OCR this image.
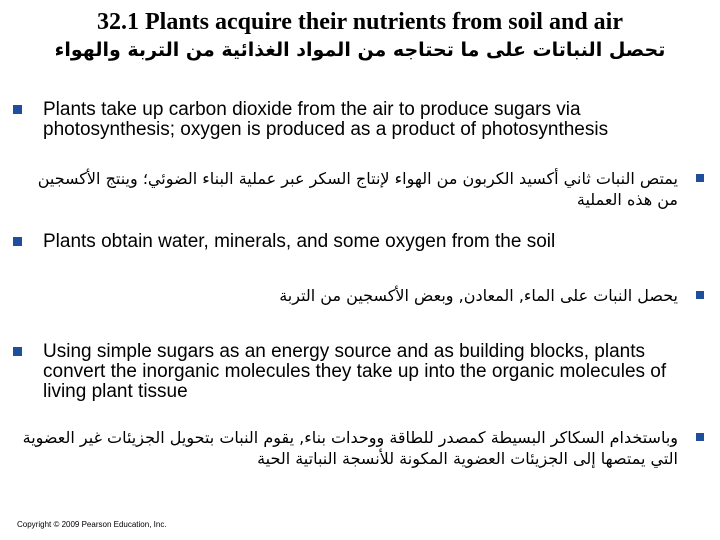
32.1 Plants acquire their nutrients from soil and air
تحصل النباتات على ما تحتاجه من المواد الغذائية من التربة والهواء
Plants take up carbon dioxide from the air to produce sugars via photosynthesis; oxygen is produced as a product of photosynthesis
يمتص النبات ثاني أكسيد الكربون من الهواء لإنتاج السكر عبر عملية البناء الضوئي؛ وينتج الأكسجين من هذه العملية
Plants obtain water, minerals, and some oxygen from the soil
يحصل النبات على الماء, المعادن, وبعض الأكسجين من التربة
Using simple sugars as an energy source and as building blocks, plants convert the inorganic molecules they take up into the organic molecules of living plant tissue
وباستخدام السكاكر البسيطة كمصدر للطاقة ووحدات بناء, يقوم النبات بتحويل الجزيئات غير العضوية التي يمتصها إلى الجزيئات العضوية المكونة للأنسجة النباتية الحية
Copyright © 2009 Pearson Education, Inc.
